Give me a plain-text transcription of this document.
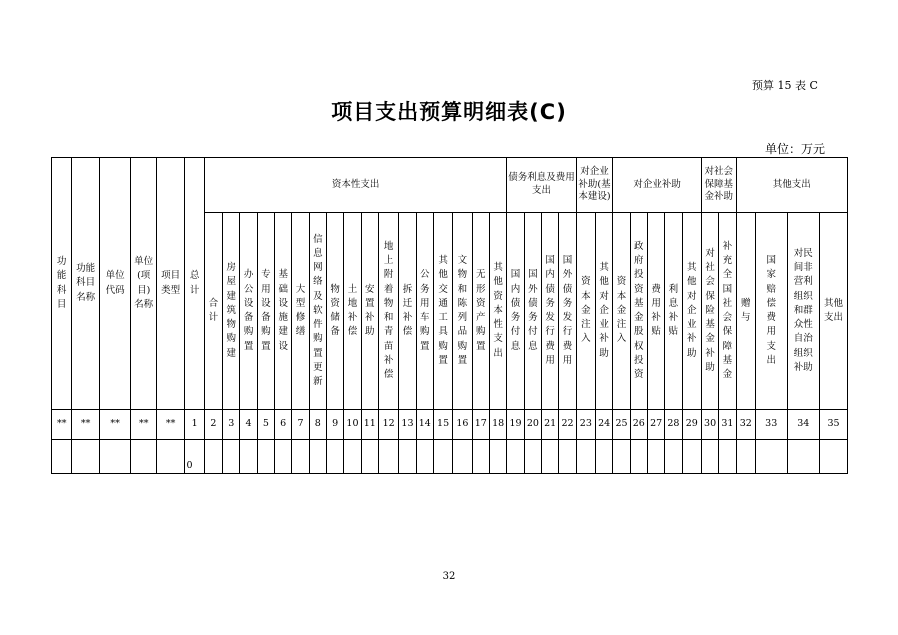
预算 15 表 C
项目支出预算明细表(C)
单位：万元
功能科目	功能科目名称	单位代码	单位(项目)名称	项目类型	总计	资本性支出																	债务利息及费用支出				对企业补助(基本建设)		对企业补助					对社会保障基金补助		其他支出			
						合计	房屋建筑物购建	办公设备购置	专用设备购置	基础设施建设	大型修缮	信息网络及软件购置更新	物资储备	土地补偿	安置补助	地上附着物和青苗补偿	拆迁补偿	公务用车购置	其他交通工具购置	文物和陈列品购置	无形资产购置	其他资本性支出	国内债务付息	国外债务付息	国内债务发行费用	国外债务发行费用	资本金注入	其他对企业补助	资本金注入	政府投资基金股权投资	费用补贴	利息补贴	其他对企业补助	对社会保险基金补助	补充全国社会保障基金	赠与	国家赔偿费用支出	对民间非营利组织和群众性自治组织补助	其他支出
**	**	**	**	**	1	2	3	4	5	6	7	8	9	10	11	12	13	14	15	16	17	18	19	20	21	22	23	24	25	26	27	28	29	30	31	32	33	34	35
					0																																		
32
